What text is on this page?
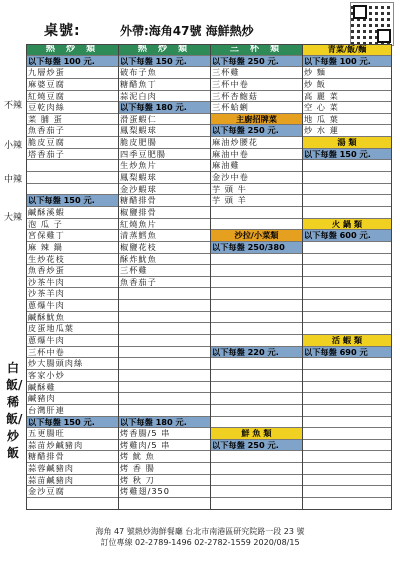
桌號:	外帶:海角47號 海鮮熱炒
不辣
小辣
中辣
大辣
白飯/稀飯/炒飯
熱 炒 類
以下每盤 100 元.
九層炒蛋
麻婆豆腐
紅燒豆腐
豆乾肉絲
菜 脯 蛋
魚香茄子
脆皮豆腐
塔香茄子
以下每盤 150 元.
鹹酥溪蝦
泡 瓜 子
宮保雞丁
麻 辣 鍋
生炒花枝
魚香炒蛋
沙茶牛肉
沙茶羊肉
蔥爆牛肉
鹹酥魷魚
皮蛋地瓜葉
蔥爆牛肉
三杯中卷
炒大腸頭肉絲
客家小炒
鹹酥雞
鹹豬肉
台灣肝連
以下每盤 150 元.
五更腸旺
蒜苗炒鹹豬肉
糖醋排骨
蒜蓉鹹豬肉
蒜苗鹹豬肉
金沙豆腐
熱 炒 類
以下每盤 150 元.
破布子魚
糖醋魚丁
蒜泥白肉
以下每盤 180 元.
滑蛋蝦仁
鳳梨蝦球
脆皮肥腸
四季豆肥腸
生炒魚片
鳳梨蝦球
金沙蝦球
糖醋排骨
椒鹽排骨
紅燒魚片
清蒸鱈魚
椒鹽花枝
酥炸魷魚
三杯雞
魚香茄子
以下每盤 180 元.
烤香腸/5 串
烤雞肉/5 串
烤 魷 魚
烤 香 腸
烤 秋 刀
烤雞翅/350
三 杯 類
以下每盤 250 元.
三杯雞
三杯中卷
三杯杏鮑菇
三杯蛤蜊
主廚招牌菜
以下每盤 250 元.
麻油炒腰花
麻油中卷
麻油雞
金沙中卷
芋 頭 牛
芋 頭 羊
沙拉/小菜類
以下每盤 250/380
以下每盤 220 元.
鮮 魚 類
以下每盤 250 元.
青菜/飯/麵
以下每盤 100 元.
炒 麵
炒 飯
高 麗 菜
空 心 菜
地 瓜 葉
炒 水 蓮
湯 類
以下每盤 150 元.
火 鍋 類
以下每盤 600 元.
活 蝦 類
以下每盤 690 元
海角 47 號熱炒海鮮餐廳 台北市南港區研究院路一段 23 號
訂位專線 02-2789-1496 02-2782-1559 2020/08/15
